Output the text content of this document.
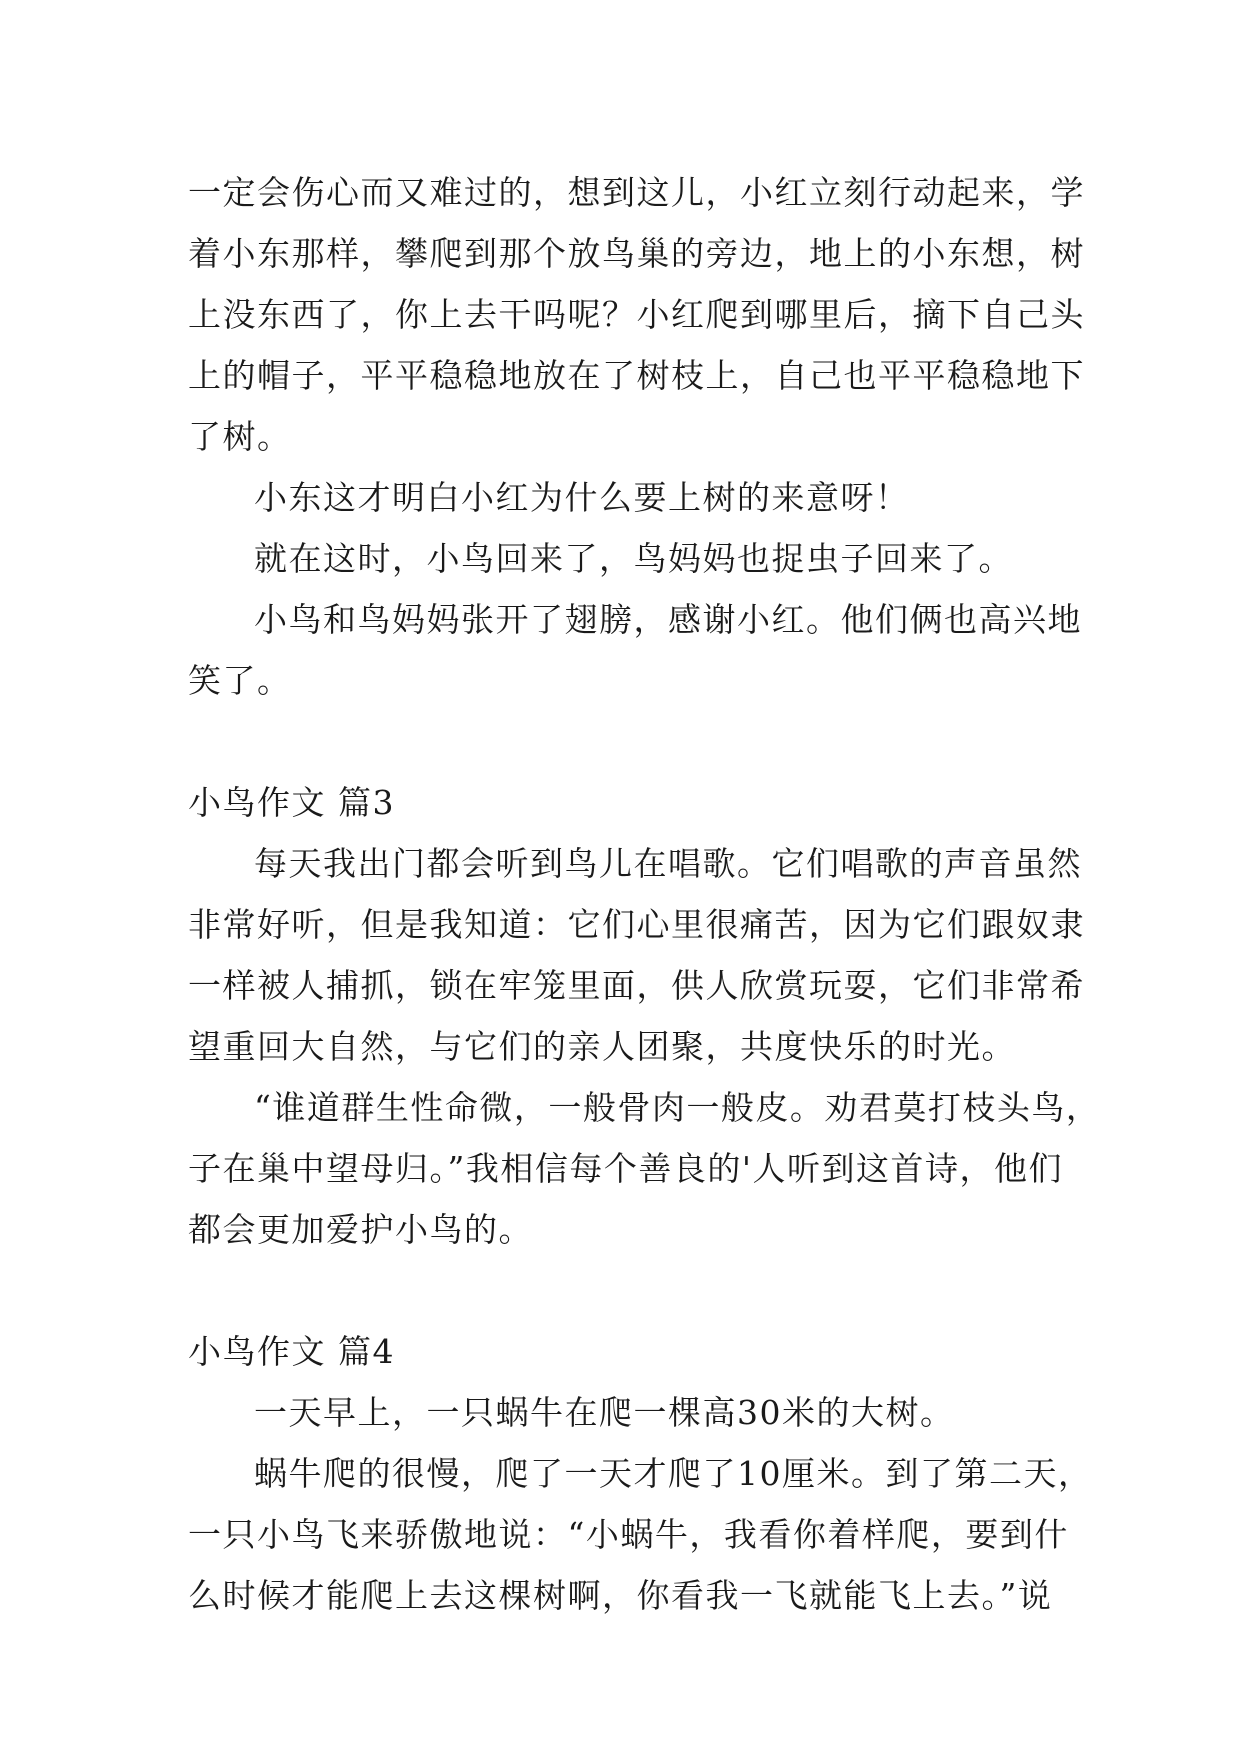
一定会伤心而又难过的，想到这儿，小红立刻行动起来，学
着小东那样，攀爬到那个放鸟巢的旁边，地上的小东想，树
上没东西了，你上去干吗呢？小红爬到哪里后，摘下自己头
上的帽子，平平稳稳地放在了树枝上，自己也平平稳稳地下
了树。
小东这才明白小红为什么要上树的来意呀！
就在这时，小鸟回来了，鸟妈妈也捉虫子回来了。
小鸟和鸟妈妈张开了翅膀，感谢小红。他们俩也高兴地
笑了。
小鸟作文 篇3
每天我出门都会听到鸟儿在唱歌。它们唱歌的声音虽然
非常好听，但是我知道：它们心里很痛苦，因为它们跟奴隶
一样被人捕抓，锁在牢笼里面，供人欣赏玩耍，它们非常希
望重回大自然，与它们的亲人团聚，共度快乐的时光。
“谁道群生性命微，一般骨肉一般皮。劝君莫打枝头鸟，
子在巢中望母归。”我相信每个善良的'人听到这首诗，他们
都会更加爱护小鸟的。
小鸟作文 篇4
一天早上，一只蜗牛在爬一棵高30米的大树。
蜗牛爬的很慢，爬了一天才爬了10厘米。到了第二天，
一只小鸟飞来骄傲地说：“小蜗牛，我看你着样爬，要到什
么时候才能爬上去这棵树啊，你看我一飞就能飞上去。”说
